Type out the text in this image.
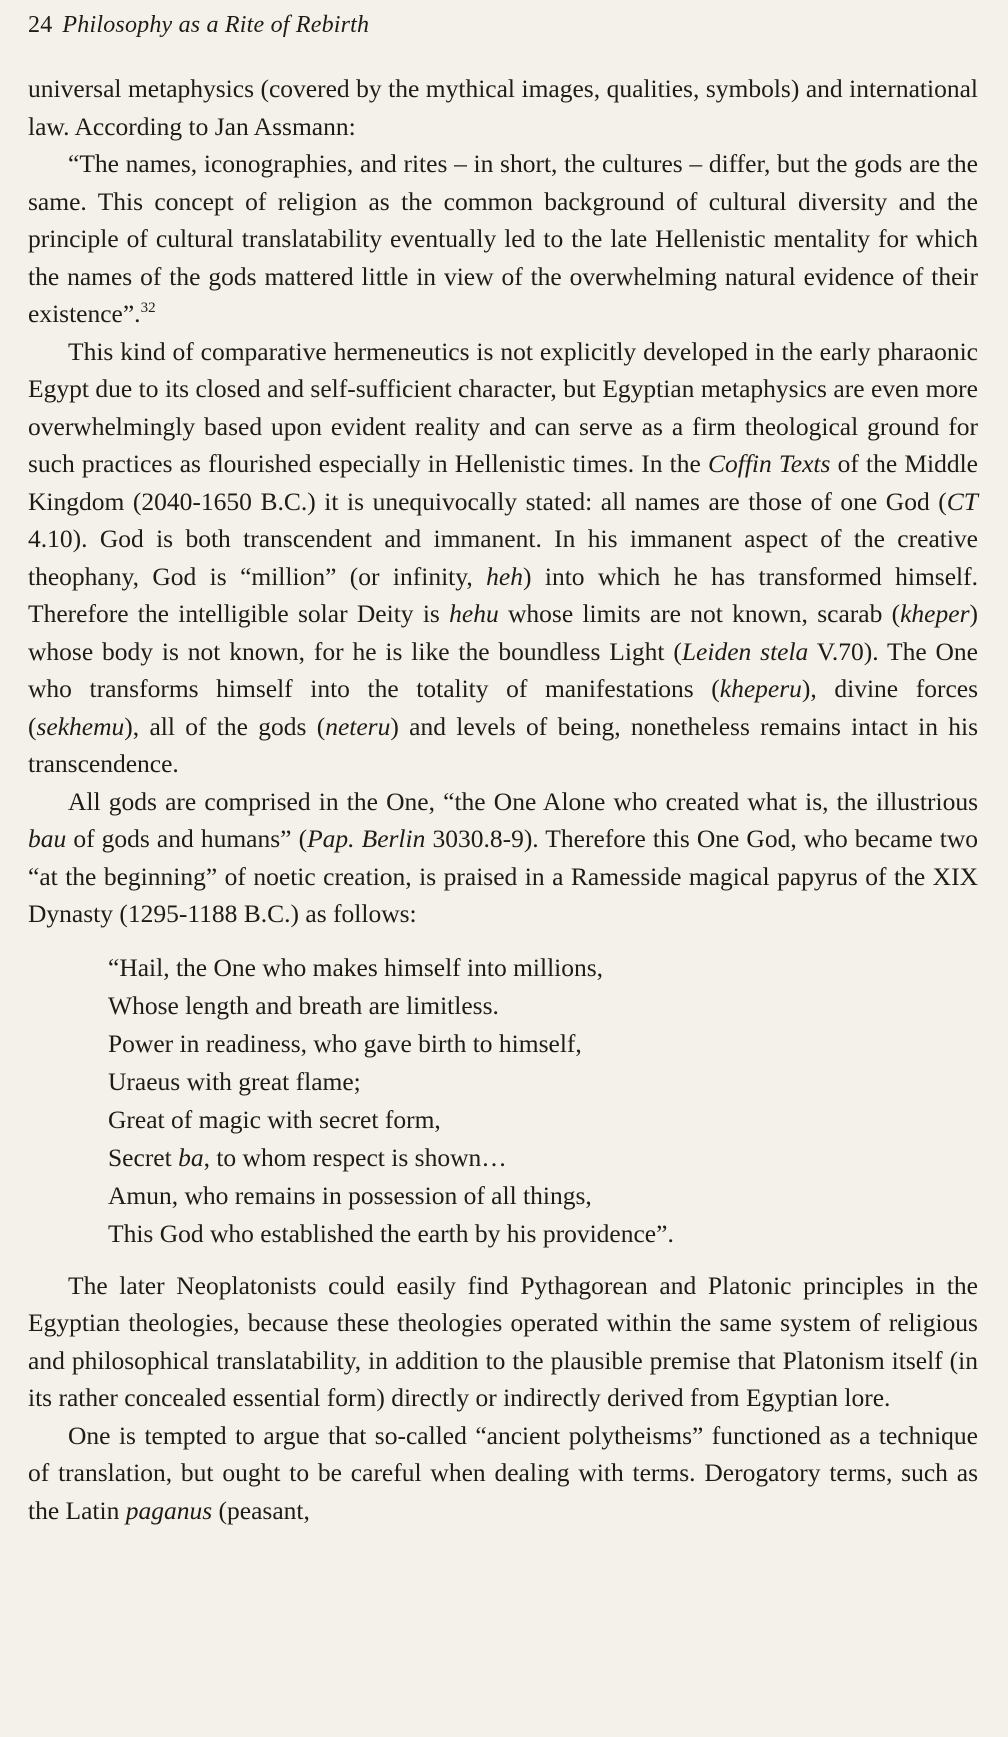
24 Philosophy as a Rite of Rebirth

universal metaphysics (covered by the mythical images, qualities, symbols) and international law. According to Jan Assmann:

“The names, iconographies, and rites – in short, the cultures – differ, but the gods are the same. This concept of religion as the common background of cultural diversity and the principle of cultural translatability eventually led to the late Hellenistic mentality for which the names of the gods mattered little in view of the overwhelming natural evidence of their existence”.$^{32}$

This kind of comparative hermeneutics is not explicitly developed in the early pharaonic Egypt due to its closed and self-sufficient character, but Egyptian metaphysics are even more overwhelmingly based upon evident reality and can serve as a firm theological ground for such practices as flourished especially in Hellenistic times. In the Coffin Texts of the Middle Kingdom (2040-1650 B.C.) it is unequivocally stated: all names are those of one God (CT 4.10). God is both transcendent and immanent. In his immanent aspect of the creative theophany, God is “million” (or infinity, heh) into which he has transformed himself. Therefore the intelligible solar Deity is hehu whose limits are not known, scarab (kheper) whose body is not known, for he is like the boundless Light (Leiden stela V.70). The One who transforms himself into the totality of manifestations (kheperu), divine forces (sekhemu), all of the gods (neteru) and levels of being, nonetheless remains intact in his transcendence.

All gods are comprised in the One, “the One Alone who created what is, the illustrious bau of gods and humans” (Pap. Berlin 3030.8-9). Therefore this One God, who became two “at the beginning” of noetic creation, is praised in a Ramesside magical papyrus of the XIX Dynasty (1295-1188 B.C.) as follows:

“Hail, the One who makes himself into millions,
Whose length and breath are limitless.
Power in readiness, who gave birth to himself,
Uraeus with great flame;
Great of magic with secret form,
Secret ba, to whom respect is shown…
Amun, who remains in possession of all things,
This God who established the earth by his providence”.

The later Neoplatonists could easily find Pythagorean and Platonic principles in the Egyptian theologies, because these theologies operated within the same system of religious and philosophical translatability, in addition to the plausible premise that Platonism itself (in its rather concealed essential form) directly or indirectly derived from Egyptian lore.

One is tempted to argue that so-called “ancient polytheisms” functioned as a technique of translation, but ought to be careful when dealing with terms. Derogatory terms, such as the Latin paganus (peasant,
